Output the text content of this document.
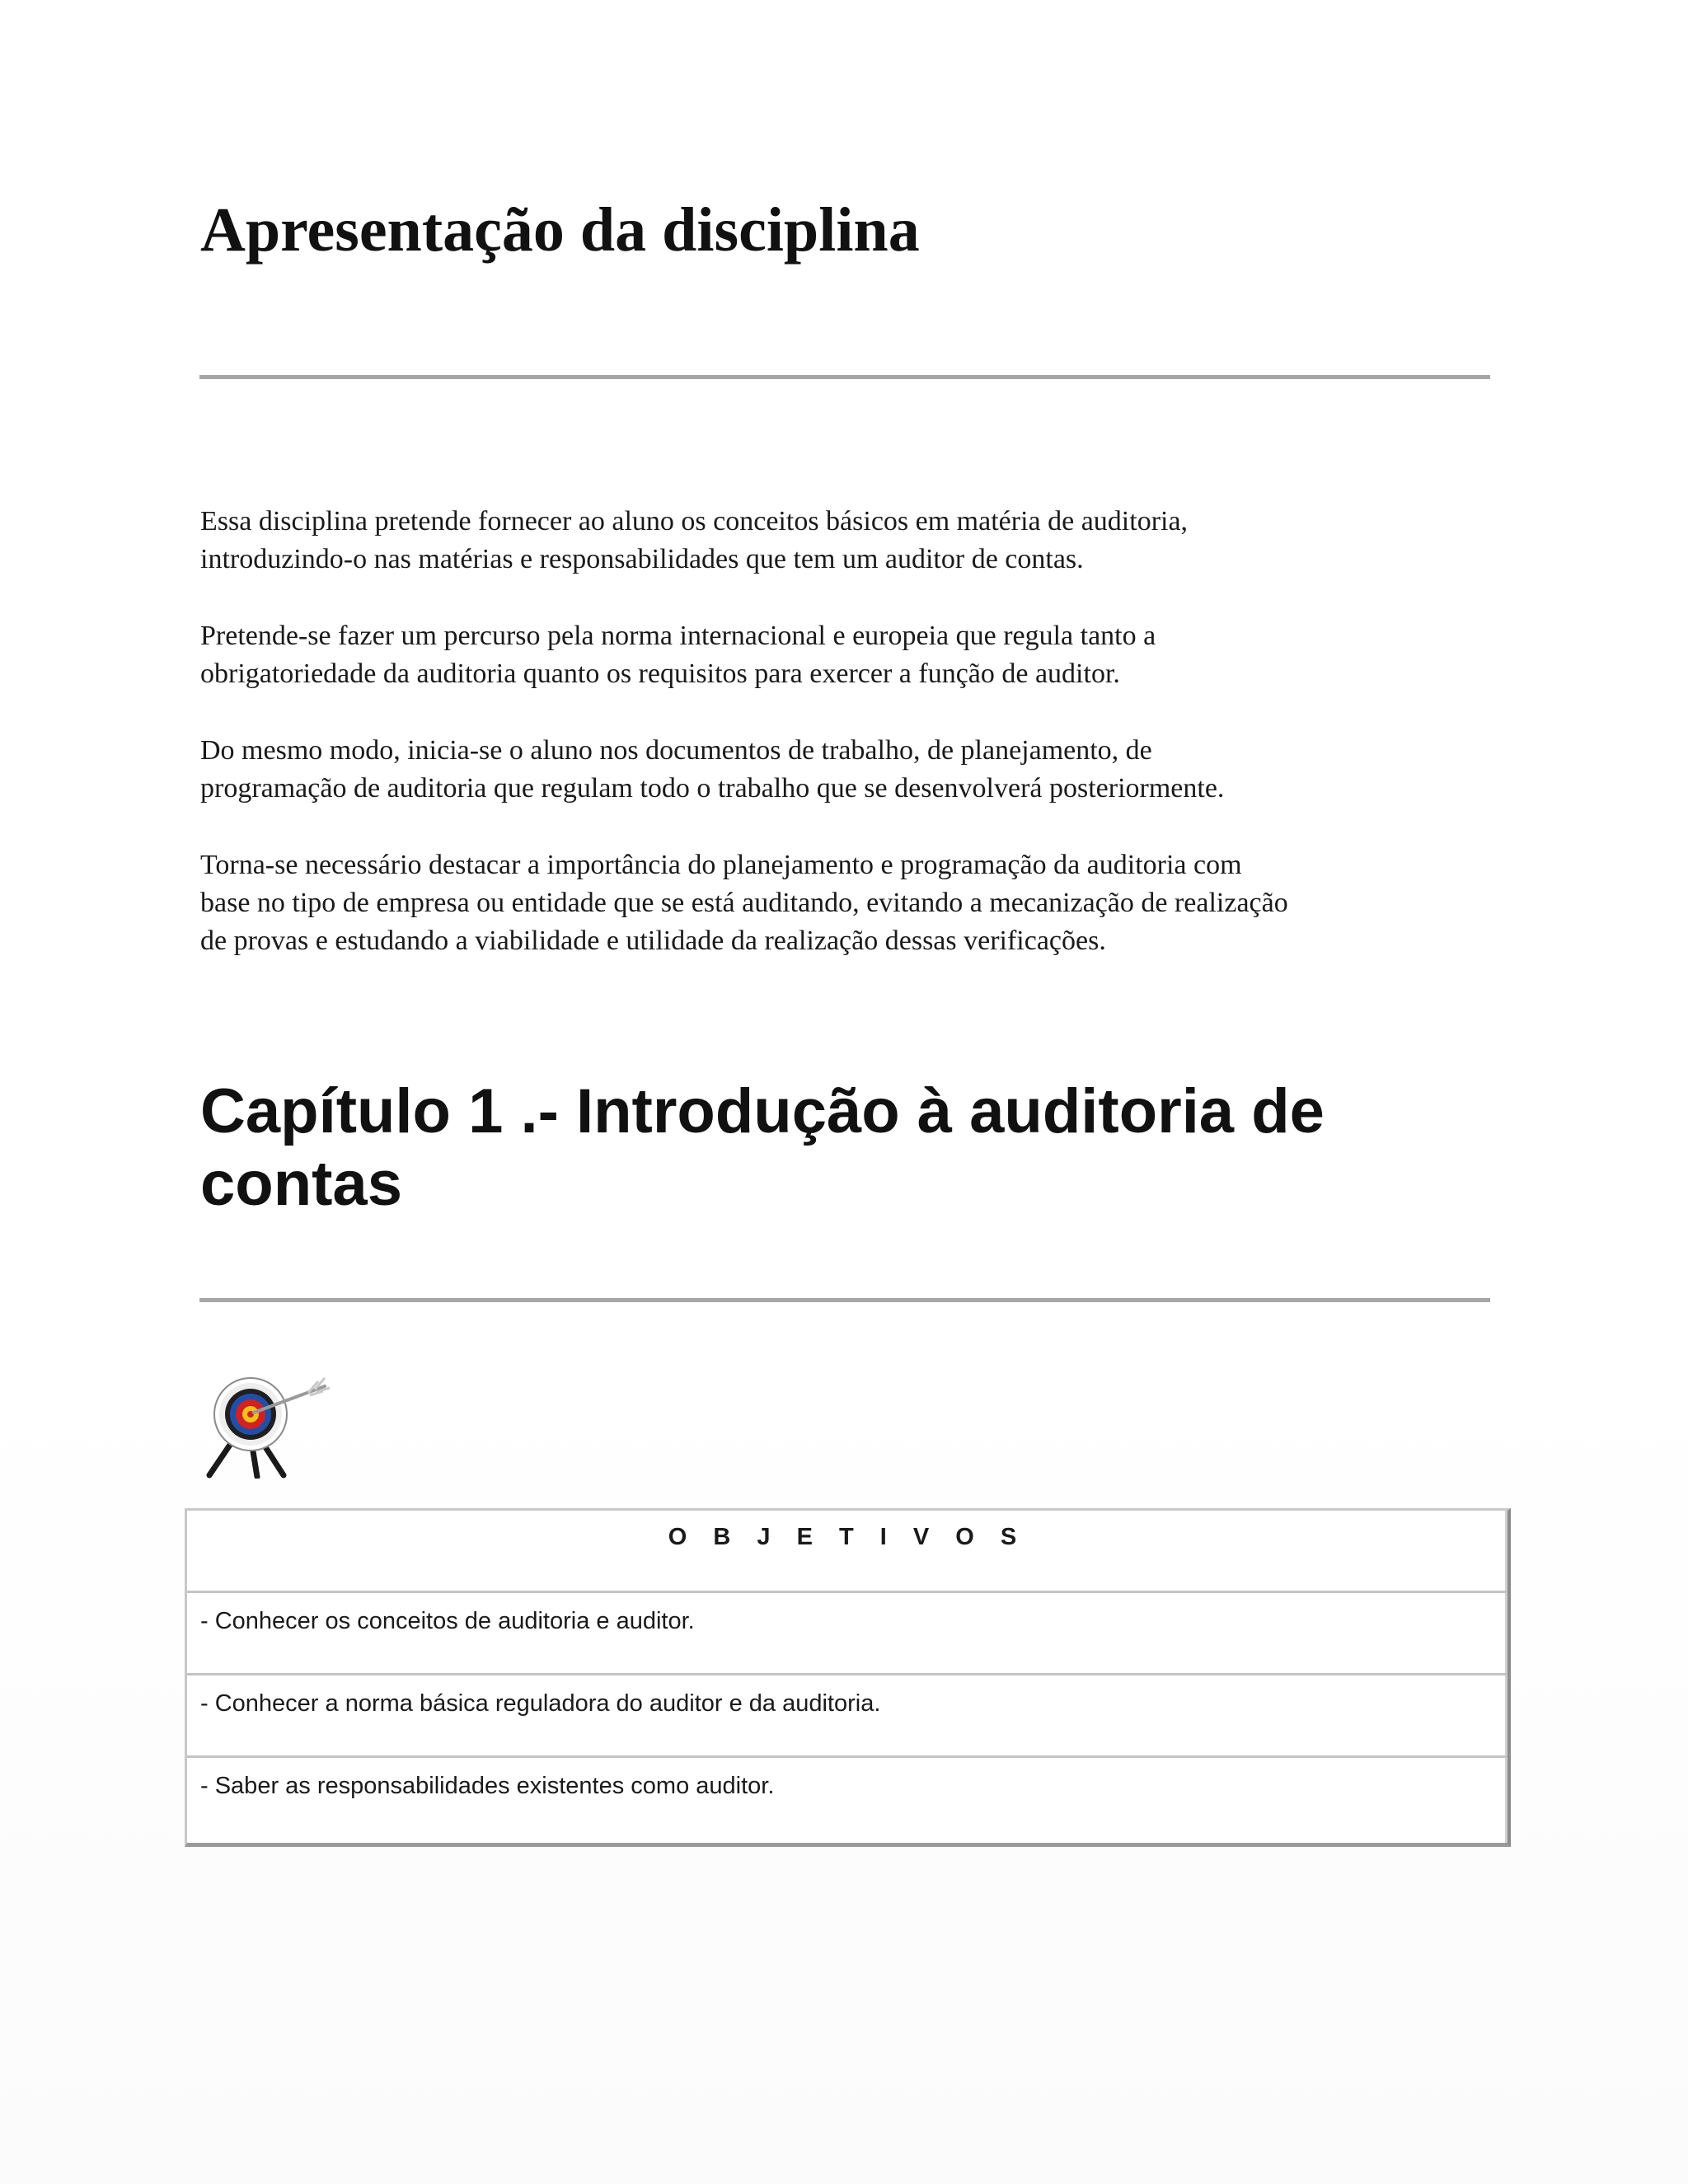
Apresentação da disciplina

Essa disciplina pretende fornecer ao aluno os conceitos básicos em matéria de auditoria,
introduzindo-o nas matérias e responsabilidades que tem um auditor de contas.

Pretende-se fazer um percurso pela norma internacional e europeia que regula tanto a
obrigatoriedade da auditoria quanto os requisitos para exercer a função de auditor.

Do mesmo modo, inicia-se o aluno nos documentos de trabalho, de planejamento, de
programação de auditoria que regulam todo o trabalho que se desenvolverá posteriormente.

Torna-se necessário destacar a importância do planejamento e programação da auditoria com
base no tipo de empresa ou entidade que se está auditando, evitando a mecanização de realização
de provas e estudando a viabilidade e utilidade da realização dessas verificações.

Capítulo 1 .- Introdução à auditoria de
contas
O B J E T I V O S
- Conhecer os conceitos de auditoria e auditor.
- Conhecer a norma básica reguladora do auditor e da auditoria.
- Saber as responsabilidades existentes como auditor.
